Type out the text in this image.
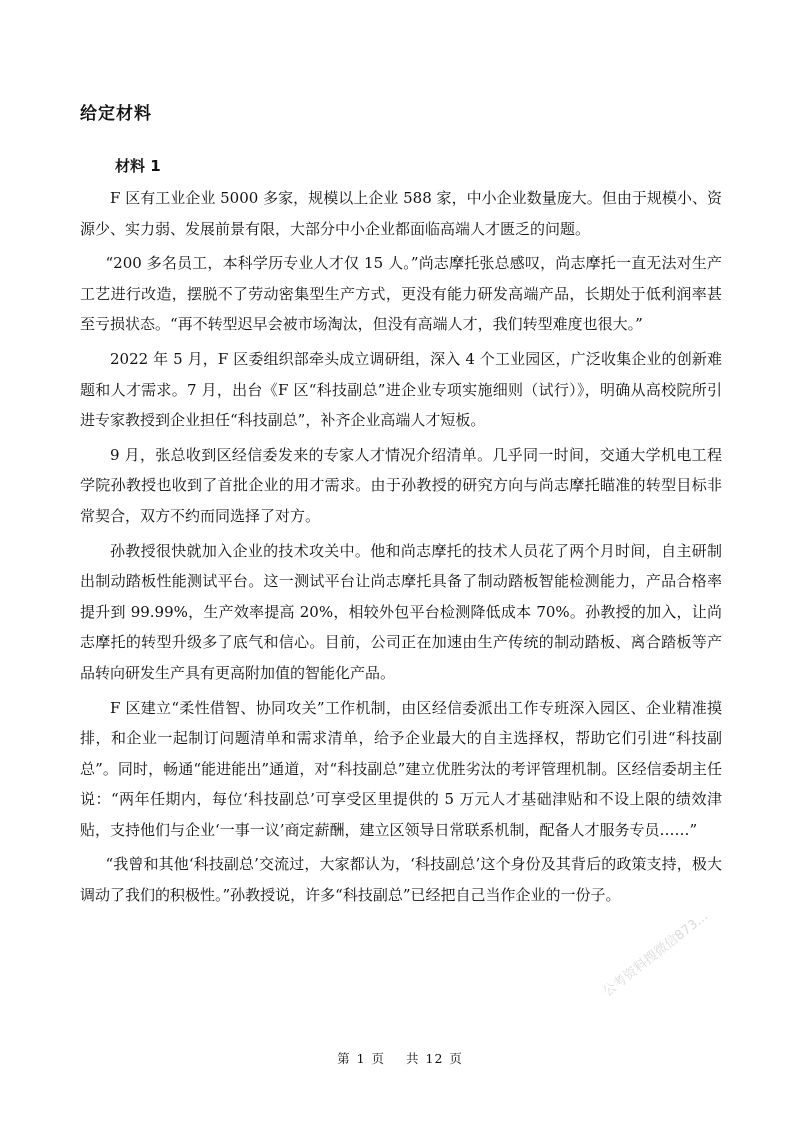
给定材料
材料 1

F 区有工业企业 5000 多家，规模以上企业 588 家，中小企业数量庞大。但由于规模小、资源少、实力弱、发展前景有限，大部分中小企业都面临高端人才匮乏的问题。

“200 多名员工，本科学历专业人才仅 15 人。”尚志摩托张总感叹，尚志摩托一直无法对生产工艺进行改造，摆脱不了劳动密集型生产方式，更没有能力研发高端产品，长期处于低利润率甚至亏损状态。“再不转型迟早会被市场淘汰，但没有高端人才，我们转型难度也很大。”

2022 年 5 月，F 区委组织部牵头成立调研组，深入 4 个工业园区，广泛收集企业的创新难题和人才需求。7 月，出台《F 区“科技副总”进企业专项实施细则（试行）》，明确从高校院所引进专家教授到企业担任“科技副总”，补齐企业高端人才短板。

9 月，张总收到区经信委发来的专家人才情况介绍清单。几乎同一时间，交通大学机电工程学院孙教授也收到了首批企业的用才需求。由于孙教授的研究方向与尚志摩托瞄准的转型目标非常契合，双方不约而同选择了对方。

孙教授很快就加入企业的技术攻关中。他和尚志摩托的技术人员花了两个月时间，自主研制出制动踏板性能测试平台。这一测试平台让尚志摩托具备了制动踏板智能检测能力，产品合格率提升到 99.99%，生产效率提高 20%，相较外包平台检测降低成本 70%。孙教授的加入，让尚志摩托的转型升级多了底气和信心。目前，公司正在加速由生产传统的制动踏板、离合踏板等产品转向研发生产具有更高附加值的智能化产品。

F 区建立“柔性借智、协同攻关”工作机制，由区经信委派出工作专班深入园区、企业精准摸排，和企业一起制订问题清单和需求清单，给予企业最大的自主选择权，帮助它们引进“科技副总”。同时，畅通“能进能出”通道，对“科技副总”建立优胜劣汰的考评管理机制。区经信委胡主任说：“两年任期内，每位‘科技副总’可享受区里提供的 5 万元人才基础津贴和不设上限的绩效津贴，支持他们与企业‘一事一议’商定薪酬，建立区领导日常联系机制，配备人才服务专员……”

“我曾和其他‘科技副总’交流过，大家都认为，‘科技副总’这个身份及其背后的政策支持，极大调动了我们的积极性。”孙教授说，许多“科技副总”已经把自己当作企业的一份子。

第 1 页 共 12 页
公考资料搜微信873…
